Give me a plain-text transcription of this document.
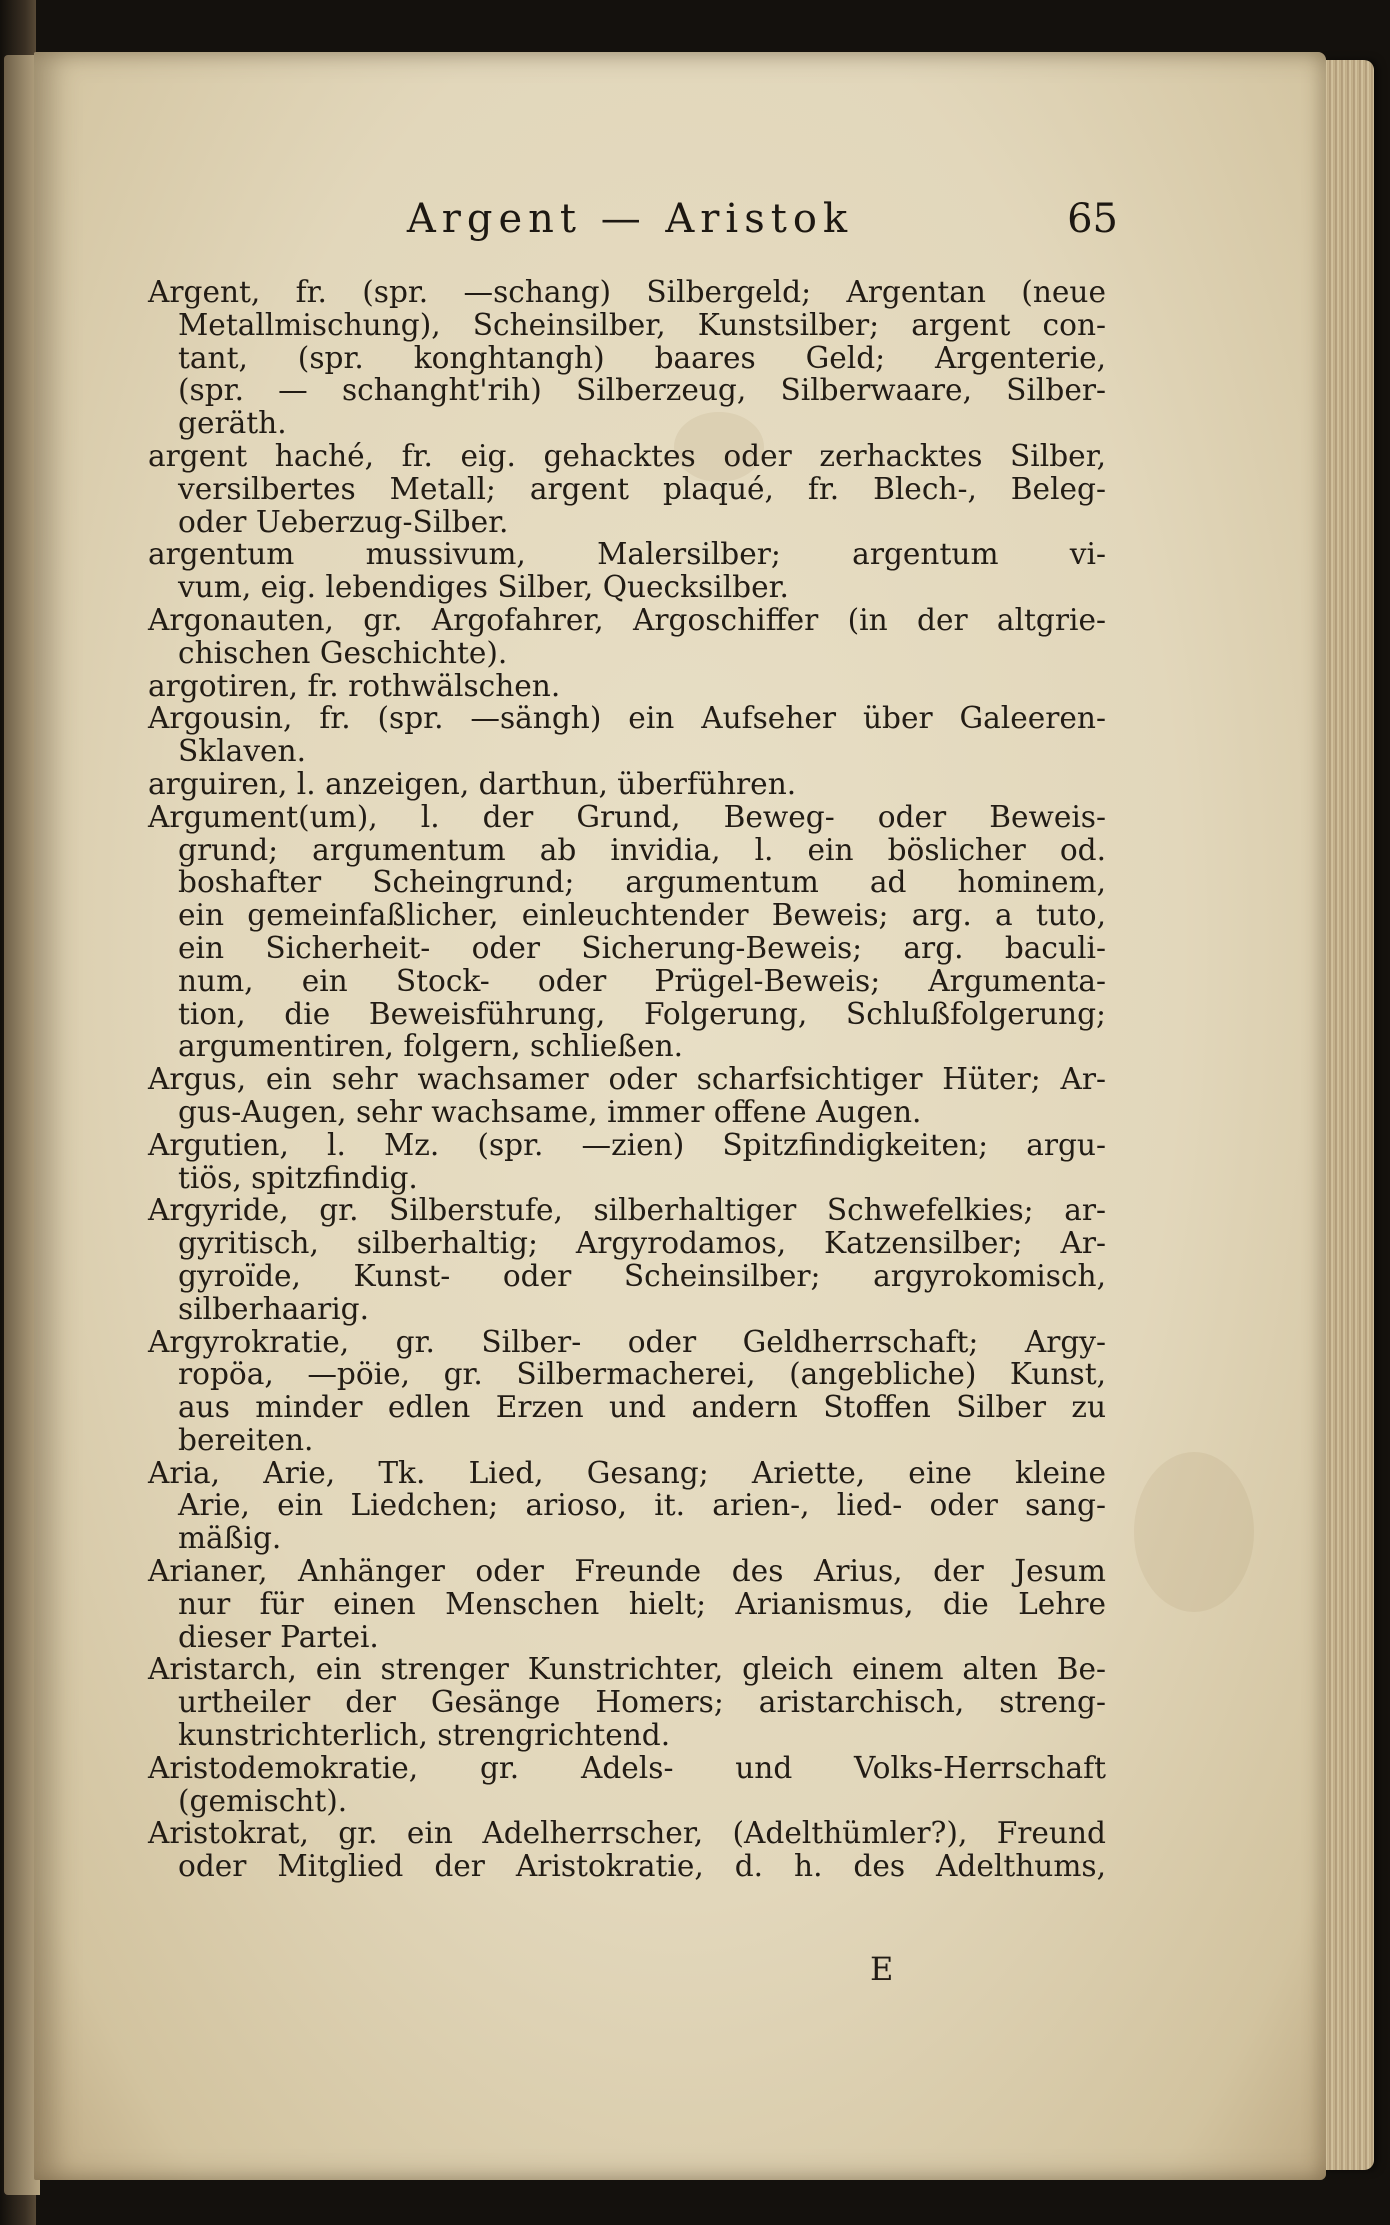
Argent — Aristok	65
Argent, fr. (spr. —schang) Silbergeld; Argentan (neue
Metallmischung), Scheinsilber, Kunstsilber; argent con-
tant, (spr. konghtangh) baares Geld; Argenterie,
(spr. — schanght'rih) Silberzeug, Silberwaare, Silber-
geräth.
argent haché, fr. eig. gehacktes oder zerhacktes Silber,
versilbertes Metall; argent plaqué, fr. Blech-, Beleg-
oder Ueberzug-Silber.
argentum mussivum, Malersilber; argentum vi-
vum, eig. lebendiges Silber, Quecksilber.
Argonauten, gr. Argofahrer, Argoschiffer (in der altgrie-
chischen Geschichte).
argotiren, fr. rothwälschen.
Argousin, fr. (spr. —sängh) ein Aufseher über Galeeren-
Sklaven.
arguiren, l. anzeigen, darthun, überführen.
Argument(um), l. der Grund, Beweg- oder Beweis-
grund; argumentum ab invidia, l. ein böslicher od.
boshafter Scheingrund; argumentum ad hominem,
ein gemeinfaßlicher, einleuchtender Beweis; arg. a tuto,
ein Sicherheit- oder Sicherung-Beweis; arg. baculi-
num, ein Stock- oder Prügel-Beweis; Argumenta-
tion, die Beweisführung, Folgerung, Schlußfolgerung;
argumentiren, folgern, schließen.
Argus, ein sehr wachsamer oder scharfsichtiger Hüter; Ar-
gus-Augen, sehr wachsame, immer offene Augen.
Argutien, l. Mz. (spr. —zien) Spitzfindigkeiten; argu-
tiös, spitzfindig.
Argyride, gr. Silberstufe, silberhaltiger Schwefelkies; ar-
gyritisch, silberhaltig; Argyrodamos, Katzensilber; Ar-
gyroïde, Kunst- oder Scheinsilber; argyrokomisch,
silberhaarig.
Argyrokratie, gr. Silber- oder Geldherrschaft; Argy-
ropöa, —pöie, gr. Silbermacherei, (angebliche) Kunst,
aus minder edlen Erzen und andern Stoffen Silber zu
bereiten.
Aria, Arie, Tk. Lied, Gesang; Ariette, eine kleine
Arie, ein Liedchen; arioso, it. arien-, lied- oder sang-
mäßig.
Arianer, Anhänger oder Freunde des Arius, der Jesum
nur für einen Menschen hielt; Arianismus, die Lehre
dieser Partei.
Aristarch, ein strenger Kunstrichter, gleich einem alten Be-
urtheiler der Gesänge Homers; aristarchisch, streng-
kunstrichterlich, strengrichtend.
Aristodemokratie, gr. Adels- und Volks-Herrschaft
(gemischt).
Aristokrat, gr. ein Adelherrscher, (Adelthümler?), Freund
oder Mitglied der Aristokratie, d. h. des Adelthums,
E
